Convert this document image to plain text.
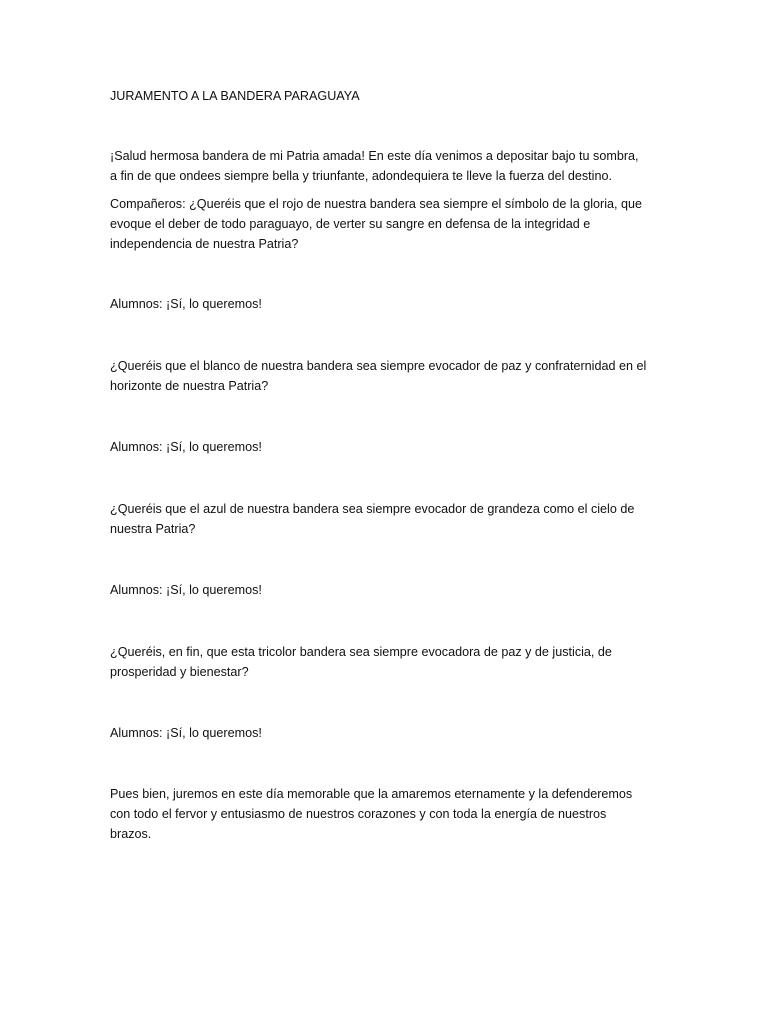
JURAMENTO A LA BANDERA PARAGUAYA
¡Salud hermosa bandera de mi Patria amada! En este día venimos a depositar bajo tu sombra,
a fin de que ondees siempre bella y triunfante, adondequiera te lleve la fuerza del destino.
Compañeros: ¿Queréis que el rojo de nuestra bandera sea siempre el símbolo de la gloria, que
evoque el deber de todo paraguayo, de verter su sangre en defensa de la integridad e
independencia de nuestra Patria?
Alumnos: ¡Sí, lo queremos!
¿Queréis que el blanco de nuestra bandera sea siempre evocador de paz y confraternidad en el
horizonte de nuestra Patria?
Alumnos: ¡Sí, lo queremos!
¿Queréis que el azul de nuestra bandera sea siempre evocador de grandeza como el cielo de
nuestra Patria?
Alumnos: ¡Sí, lo queremos!
¿Queréis, en fin, que esta tricolor bandera sea siempre evocadora de paz y de justicia, de
prosperidad y bienestar?
Alumnos: ¡Sí, lo queremos!
Pues bien, juremos en este día memorable que la amaremos eternamente y la defenderemos
con todo el fervor y entusiasmo de nuestros corazones y con toda la energía de nuestros
brazos.
